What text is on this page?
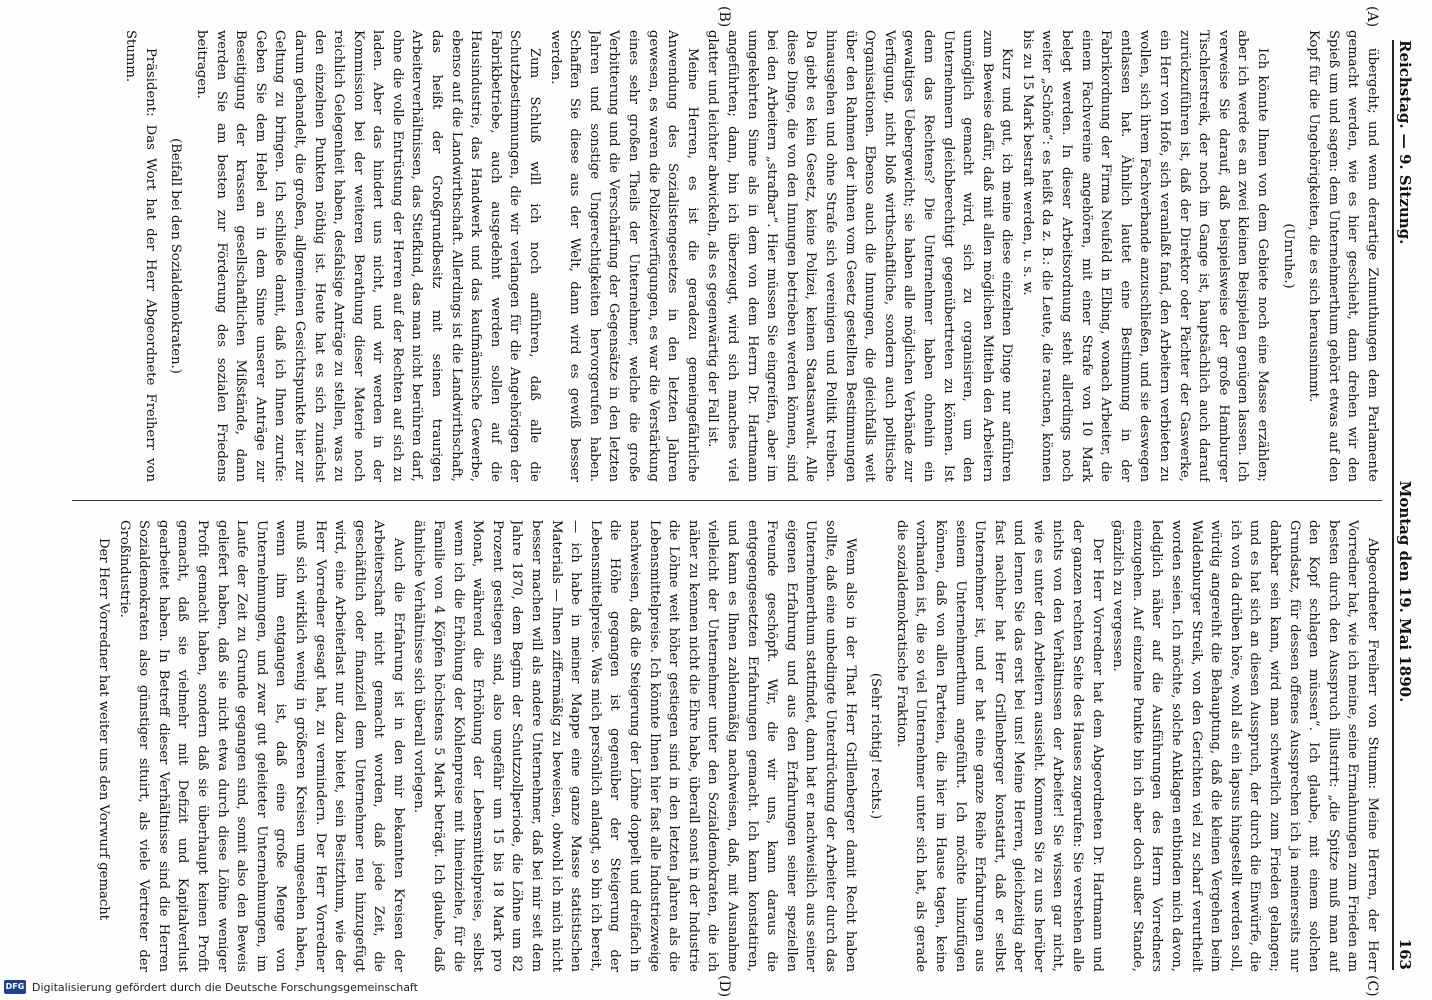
Reichstag. — 9. Sitzung.
Montag den 19. Mai 1890.
163
(A)
(B)
(C)
(D)

übergeht; und wenn derartige Zumuthungen dem Parlamente gemacht werden, wie es hier geschieht, dann drehen wir den Spieß um und sagen: dem Unternehmerthum gehört etwas auf den Kopf für die Ungehörigkeiten, die es sich herausnimmt.

(Unruhe.)

Ich könnte Ihnen von dem Gebiete noch eine Masse erzählen; aber ich werde es an zwei kleinen Beispielen genügen lassen. Ich verweise Sie darauf, daß beispielsweise der große Hamburger Tischlerstreik, der noch im Gange ist, hauptsächlich auch darauf zurückzuführen ist, daß der Direktor oder Pächter der Gaswerke, ein Herr von Hofe, sich veranlaßt fand, den Arbeitern verbieten zu wollen, sich ihrem Fachverbande anzuschließen, und sie deswegen entlassen hat. Ähnlich lautet eine Bestimmung in der Fabrikordnung der Firma Neufeld in Elbing, wonach Arbeiter, die einem Fachvereine angehören, mit einer Strafe von 10 Mark belegt werden. In dieser Arbeitsordnung steht allerdings noch weiter „Schöne“: es heißt da z. B.: die Leute, die rauchen, können bis zu 15 Mark bestraft werden, u. s. w.

Kurz und gut, ich meine diese einzelnen Dinge nur anführen zum Beweise dafür, daß mit allen möglichen Mitteln den Arbeitern unmöglich gemacht wird, sich zu organisiren, um den Unternehmern gleichberechtigt gegenübertreten zu können. Ist denn das Rechtens? Die Unternehmer haben ohnehin ein gewaltiges Uebergewicht; sie haben alle möglichen Verbände zur Verfügung, nicht bloß wirthschaftliche, sondern auch politische Organisationen. Ebenso auch die Innungen, die gleichfalls weit über den Rahmen der ihnen vom Gesetz gestellten Bestimmungen hinausgehen und ohne Strafe sich vereinigen und Politik treiben. Da giebt es kein Gesetz, keine Polizei, keinen Staatsanwalt. Alle diese Dinge, die von den Innungen betrieben werden können, sind bei den Arbeitern „strafbar“. Hier müssen Sie eingreifen, aber im umgekehrten Sinne als in dem von dem Herrn Dr. Hartmann angeführten; dann, bin ich überzeugt, wird sich manches viel glatter und leichter abwickeln, als es gegenwärtig der Fall ist.

Meine Herren, es ist die geradezu gemeingefährliche Anwendung des Sozialistengesetzes in den letzten Jahren gewesen, es waren die Polizeiverfügungen, es war die Verstärkung eines sehr großen Theils der Unternehmer, welche die große Verbitterung und die Verschärfung der Gegensätze in den letzten Jahren und sonstige Ungerechtigkeiten hervorgerufen haben. Schaffen Sie diese aus der Welt, dann wird es gewiß besser werden.

Zum Schluß will ich noch anführen, daß alle die Schutzbestimmungen, die wir verlangen für die Angehörigen der Fabrikbetriebe, auch ausgedehnt werden sollen auf die Hausindustrie, das Handwerk und das kaufmännische Gewerbe, ebenso auf die Landwirthschaft. Allerdings ist die Landwirthschaft, das heißt der Großgrundbesitz mit seinen traurigen Arbeiterverhältnissen, das Stiefkind, das man nicht berühren darf, ohne die volle Entrüstung der Herren auf der Rechten auf sich zu laden. Aber das hindert uns nicht, und wir werden in der Kommission bei der weiteren Berathung dieser Materie noch reichlich Gelegenheit haben, desfalsige Anträge zu stellen, was zu den einzelnen Punkten nöthig ist. Heute hat es sich zunächst darum gehandelt, die großen, allgemeinen Gesichtspunkte hier zur Geltung zu bringen. Ich schließe damit, daß ich Ihnen zurufe: Geben Sie dem Hebel an in dem Sinne unserer Anträge zur Beseitigung der krassen gesellschaftlichen Mißstände, dann werden Sie am besten zur Förderung des sozialen Friedens beitragen.

(Beifall bei den Sozialdemokraten.)

Präsident: Das Wort hat der Herr Abgeordnete Freiherr von Stumm.

Abgeordneter Freiherr von Stumm: Meine Herren, der Herr Vorredner hat, wie ich meine, seine Ermahnungen zum Frieden am besten durch den Ausspruch illustrirt: „die Spitze muß man auf den Kopf schlagen müssen“. Ich glaube, mit einem solchen Grundsatz, für dessen offenes Aussprechen ich ja meinerseits nur dankbar sein kann, wird man schwerlich zum Frieden gelangen; und es hat sich an diesen Ausspruch, der durch die Einwürfe, die ich von da drüben höre, wohl als ein lapsus hingestellt werden soll, würdig angereiht die Behauptung, daß die kleinen Vergehen beim Waldenburger Streik, von den Gerichten viel zu scharf verurtheilt worden seien. Ich möchte, solche Anklagen entbinden mich davon, lediglich näher auf die Ausführungen des Herrn Vorredners einzugehen. Auf einzelne Punkte bin ich aber doch außer Stande, gänzlich zu vergessen.

Der Herr Vorredner hat dem Abgeordneten Dr. Hartmann und der ganzen rechten Seite des Hauses zugerufen: Sie verstehen alle nichts von den Verhältnissen der Arbeiter! Sie wissen gar nicht, wie es unter den Arbeitern aussieht. Kommen Sie zu uns herüber und lernen Sie das erst bei uns! Meine Herren, gleichzeitig aber fast nachher hat Herr Grillenberger konstatirt, daß er selbst Unternehmer ist, und er hat eine ganze Reihe Erfahrungen aus seinem Unternehmerthum angeführt. Ich möchte hinzufügen können, daß von allen Parteien, die hier im Hause tagen, keine vorhanden ist, die so viel Unternehmer unter sich hat, als gerade die sozialdemokratische Fraktion.

(Sehr richtig! rechts.)

Wenn also in der That Herr Grillenberger damit Recht haben sollte, daß eine unbedingte Unterdrückung der Arbeiter durch das Unternehmerthum stattfindet, dann hat er nachweislich aus seiner eigenen Erfahrung und aus den Erfahrungen seiner speziellen Freunde geschöpft. Wir, die wir uns, kann daraus die entgegengesetzten Erfahrungen gemacht. Ich kann konstatiren, und kann es Ihnen zahlenmäßig nachweisen, daß, mit Ausnahme vielleicht der Unternehmer unter den Sozialdemokraten, die ich näher zu kennen nicht die Ehre habe, überall sonst in der Industrie die Löhne weit höher gestiegen sind in den letzten Jahren als die Lebensmittelpreise. Ich könnte Ihnen hier fast alle Industriezweige nachweisen, daß die Steigerung der Löhne doppelt und dreifach in die Höhe gegangen ist gegenüber der Steigerung der Lebensmittelpreise. Was mich persönlich anlangt, so bin ich bereit, — ich habe in meiner Mappe eine ganze Masse statistischen Materials — Ihnen ziffermäßig zu beweisen, obwohl ich mich nicht besser machen will als andere Unternehmer, daß bei mir seit dem Jahre 1870, dem Beginn der Schutzzollperiode, die Löhne um 82 Prozent gestiegen sind, also ungefähr um 15 bis 18 Mark pro Monat, während die Erhöhung der Lebensmittelpreise, selbst wenn ich die Erhöhung der Kohlenpreise mit hineinziehe, für die Familie von 4 Köpfen höchstens 5 Mark beträgt. Ich glaube, daß ähnliche Verhältnisse sich überall vorlegen.

Auch die Erfahrung ist in den mir bekannten Kreisen der Arbeiterschaft nicht gemacht worden, daß jede Zeit, die geschäftlich oder finanziell dem Unternehmer neu hinzugefügt wird, eine Arbeiterlast nur dazu bietet, sein Besitzthum, wie der Herr Vorredner gesagt hat, zu vermindern. Der Herr Vorredner muß sich wirklich wenig in größeren Kreisen umgesehen haben, wenn ihm entgangen ist, daß eine große Menge von Unternehmungen, und zwar gut geleiteter Unternehmungen, im Laufe der Zeit zu Grunde gegangen sind, somit also den Beweis geliefert haben, daß sie nicht etwa durch diese Löhne weniger Profit gemacht haben, sondern daß sie überhaupt keinen Profit gemacht, daß sie vielmehr mit Defizit und Kapitalverlust gearbeitet haben. In Betreff dieser Verhältnisse sind die Herren Sozialdemokraten also günstiger situirt, als viele Vertreter der Großindustrie.

Der Herr Vorredner hat weiter uns den Vorwurf gemacht

DFG Digitalisierung gefördert durch die Deutsche Forschungsgemeinschaft
